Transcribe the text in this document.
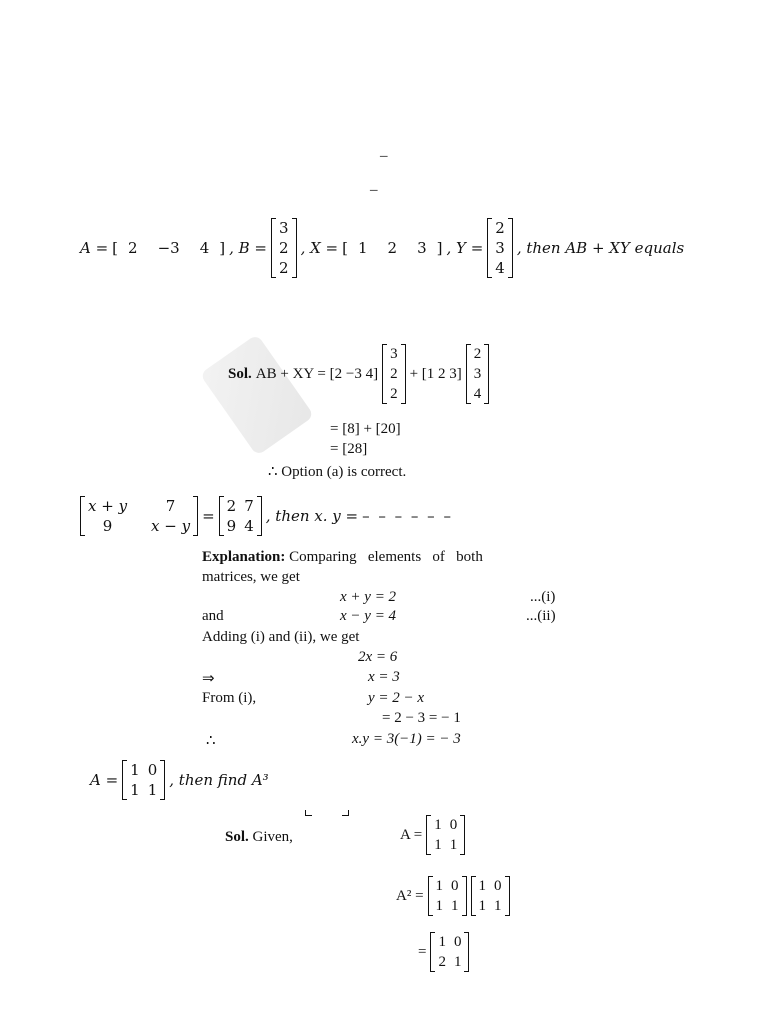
–
–
A = [ 2 −3 4 ] , B =
3
2
2
, X = [ 1 2 3 ] , Y =
2
3
4
, then AB + XY equals
Sol. AB + XY = [2 −3 4]
3
2
2
+ [1 2 3]
2
3
4
= [8] + [20]
= [28]
∴ Option (a) is correct.
x + y	7
9	x − y
=
2	7
9	4
, then x. y = – – – – – –
Explanation: Comparing   elements   of   both
matrices, we get
x + y = 2	...(i)
and	x − y = 4	...(ii)
Adding (i) and (ii), we get
2x = 6
⇒	x = 3
From (i),	y = 2 − x
= 2 − 3 = − 1
∴	x.y = 3(−1) = − 3
A =
1	0
1	1
, then find A³
Sol. Given,	A =
1	0
1	1
A² =
1	0
1	1
1	0
1	1
=
1	0
2	1
